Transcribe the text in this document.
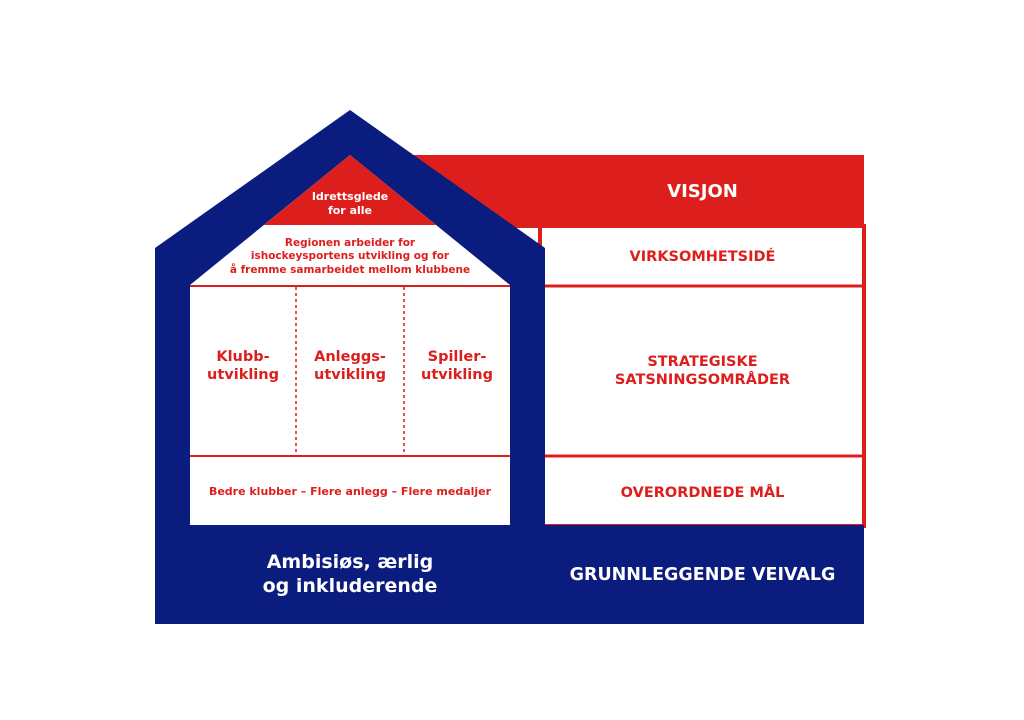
Idrettsglede
for alle
Regionen arbeider for
ishockeysportens utvikling og for
å fremme samarbeidet mellom klubbene
Klubb-
utvikling
Anleggs-
utvikling
Spiller-
utvikling
Bedre klubber – Flere anlegg – Flere medaljer
Ambisiøs, ærlig
og inkluderende
VISJON
VIRKSOMHETSIDÉ
STRATEGISKE
SATSNINGSOMRÅDER
OVERORDNEDE MÅL
GRUNNLEGGENDE VEIVALG
